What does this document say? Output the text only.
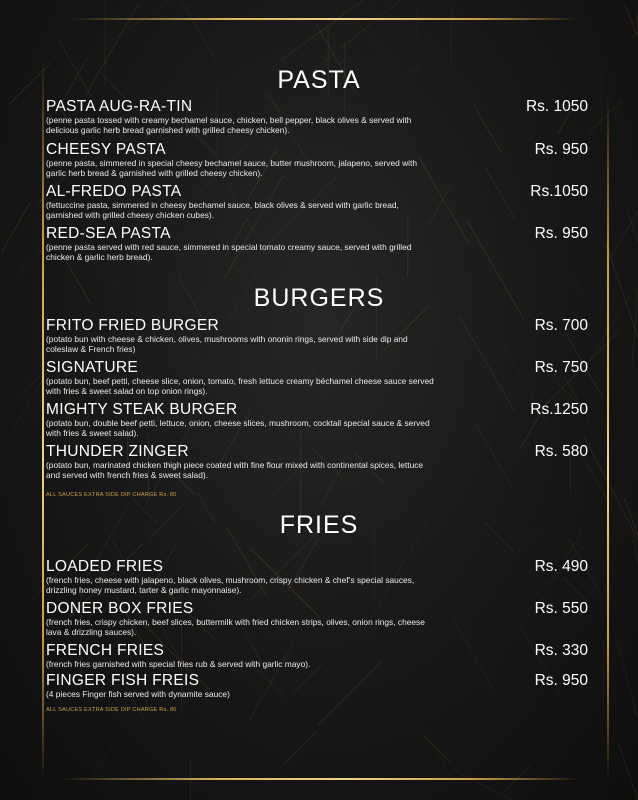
PASTA
PASTA AUG-RA-TIN	Rs. 1050
(penne pasta tossed with creamy bechamel sauce, chicken, bell pepper, black olives & served with delicious garlic herb bread garnished with grilled cheesy chicken).
CHEESY PASTA	Rs. 950
(penne pasta, simmered in special cheesy bechamel sauce, butter mushroom, jalapeno, served with garlic herb bread & garnished with grilled cheesy chicken).
AL-FREDO PASTA	Rs.1050
(fettuccine pasta, simmered in cheesy bechamel sauce, black olives & served with garlic bread, garnished with grilled cheesy chicken cubes).
RED-SEA PASTA	Rs. 950
(penne pasta served with red sauce, simmered in special tomato creamy sauce, served with grilled chicken & garlic herb bread).
BURGERS
FRITO FRIED BURGER	Rs. 700
(potato bun with cheese & chicken, olives, mushrooms with ononin rings, served with side dip and coleslaw & French fries)
SIGNATURE	Rs. 750
(potato bun, beef petti, cheese slice, onion, tomato, fresh lettuce creamy béchamel cheese sauce served with fries & sweet salad on top onion rings).
MIGHTY STEAK BURGER	Rs.1250
(potato bun, double beef petti, lettuce, onion, cheese slices, mushroom, cocktail special sauce & served with fries & sweet salad).
THUNDER ZINGER	Rs. 580
(potato bun, marinated chicken thigh piece coated with fine flour mixed with continental spices, lettuce and served with french fries & sweet salad).
ALL SAUCES EXTRA SIDE DIP CHARGE Rs. 80
FRIES
LOADED FRIES	Rs. 490
(french fries, cheese with jalapeno, black olives, mushroom, crispy chicken & chef’s special sauces, drizzling honey mustard, tarter & garlic mayonnaise).
DONER BOX FRIES	Rs. 550
(french fries, crispy chicken, beef slices, buttermilk with fried chicken strips, olives, onion rings, cheese lava & drizzling sauces).
FRENCH FRIES	Rs. 330
(french fries garnished with special fries rub & served with garlic mayo).
FINGER FISH FREIS	Rs. 950
(4 pieces Finger fish served with dynamite sauce)
ALL SAUCES EXTRA SIDE DIP CHARGE Rs. 80
